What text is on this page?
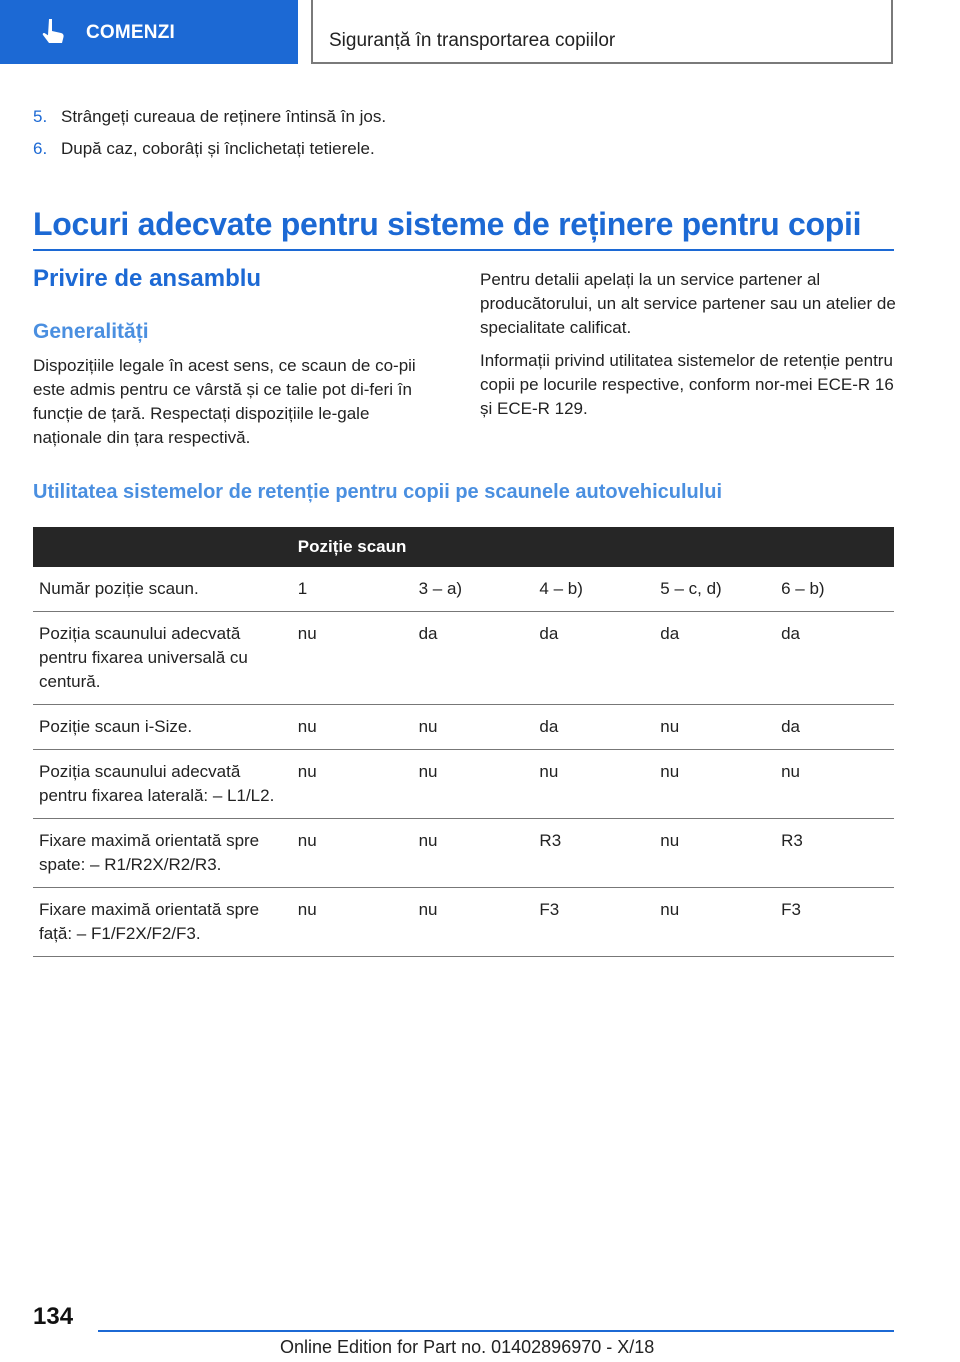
COMENZI	Siguranță în transportarea copiilor
5. Strângeți cureaua de reținere întinsă în jos.
6. După caz, coborâți și înclichetați tetierele.
Locuri adecvate pentru sisteme de reținere pentru copii
Privire de ansamblu
Generalități
Dispozițiile legale în acest sens, ce scaun de co-pii este admis pentru ce vârstă și ce talie pot di-feri în funcție de țară. Respectați dispozițiile le-gale naționale din țara respectivă.
Pentru detalii apelați la un service partener al producătorului, un alt service partener sau un atelier de specialitate calificat.
Informații privind utilitatea sistemelor de retenție pentru copii pe locurile respective, conform nor-mei ECE-R 16 și ECE-R 129.
Utilitatea sistemelor de retenție pentru copii pe scaunele autovehiculului
	Poziție scaun				
Număr poziție scaun.	1	3 – a)	4 – b)	5 – c, d)	6 – b)
Poziția scaunului adecvată pentru fixarea universală cu centură.	nu	da	da	da	da
Poziție scaun i-Size.	nu	nu	da	nu	da
Poziția scaunului adecvată pentru fixarea laterală: – L1/L2.	nu	nu	nu	nu	nu
Fixare maximă orientată spre spate: – R1/R2X/R2/R3.	nu	nu	R3	nu	R3
Fixare maximă orientată spre față: – F1/F2X/F2/F3.	nu	nu	F3	nu	F3
134
Online Edition for Part no. 01402896970 - X/18
